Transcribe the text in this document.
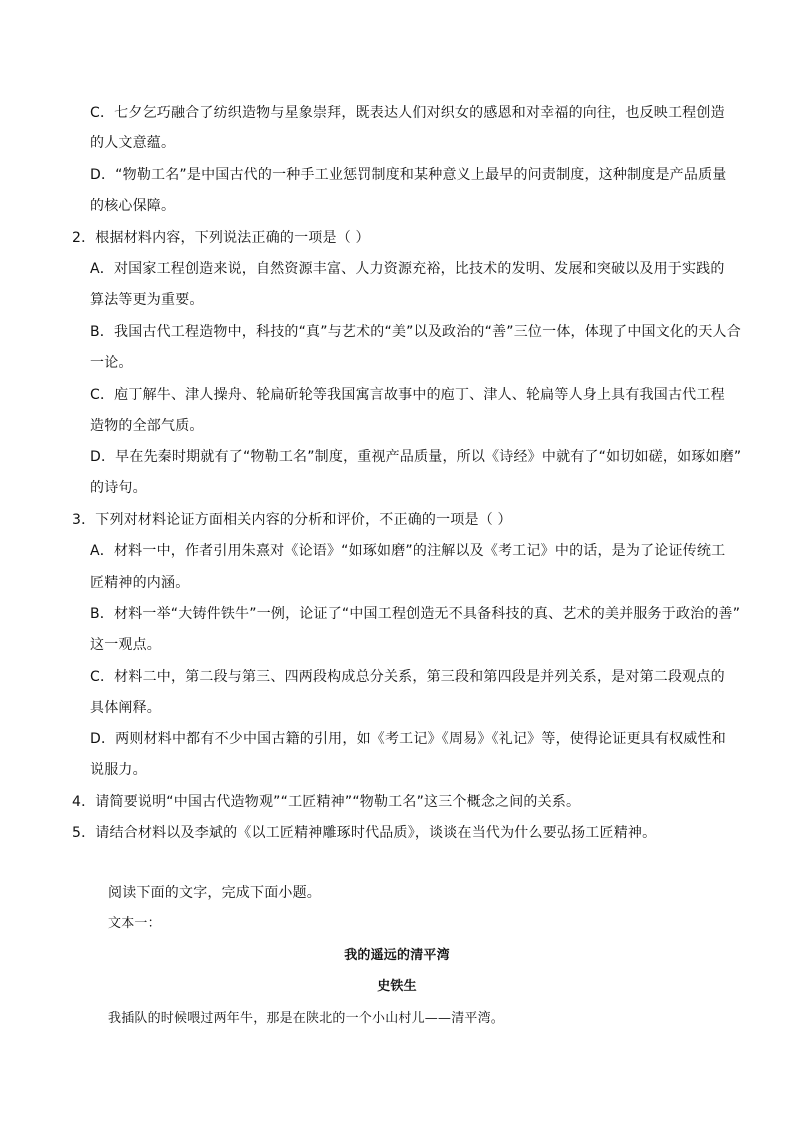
C．七夕乞巧融合了纺织造物与星象崇拜，既表达人们对织女的感恩和对幸福的向往，也反映工程创造
的人文意蕴。
D．“物勒工名”是中国古代的一种手工业惩罚制度和某种意义上最早的问责制度，这种制度是产品质量
的核心保障。
2．根据材料内容，下列说法正确的一项是（ ）
A．对国家工程创造来说，自然资源丰富、人力资源充裕，比技术的发明、发展和突破以及用于实践的
算法等更为重要。
B．我国古代工程造物中，科技的“真”与艺术的“美”以及政治的“善”三位一体，体现了中国文化的天人合
一论。
C．庖丁解牛、津人操舟、轮扁斫轮等我国寓言故事中的庖丁、津人、轮扁等人身上具有我国古代工程
造物的全部气质。
D．早在先秦时期就有了“物勒工名”制度，重视产品质量，所以《诗经》中就有了“如切如磋，如琢如磨”
的诗句。
3．下列对材料论证方面相关内容的分析和评价，不正确的一项是（ ）
A．材料一中，作者引用朱熹对《论语》“如琢如磨”的注解以及《考工记》中的话，是为了论证传统工
匠精神的内涵。
B．材料一举“大铸件铁牛”一例，论证了“中国工程创造无不具备科技的真、艺术的美并服务于政治的善”
这一观点。
C．材料二中，第二段与第三、四两段构成总分关系，第三段和第四段是并列关系，是对第二段观点的
具体阐释。
D．两则材料中都有不少中国古籍的引用，如《考工记》《周易》《礼记》等，使得论证更具有权威性和
说服力。
4．请简要说明“中国古代造物观”“工匠精神”“物勒工名”这三个概念之间的关系。
5．请结合材料以及李斌的《以工匠精神雕琢时代品质》，谈谈在当代为什么要弘扬工匠精神。
阅读下面的文字，完成下面小题。
文本一：
我的遥远的清平湾
史铁生
我插队的时候喂过两年牛，那是在陕北的一个小山村儿——清平湾。
